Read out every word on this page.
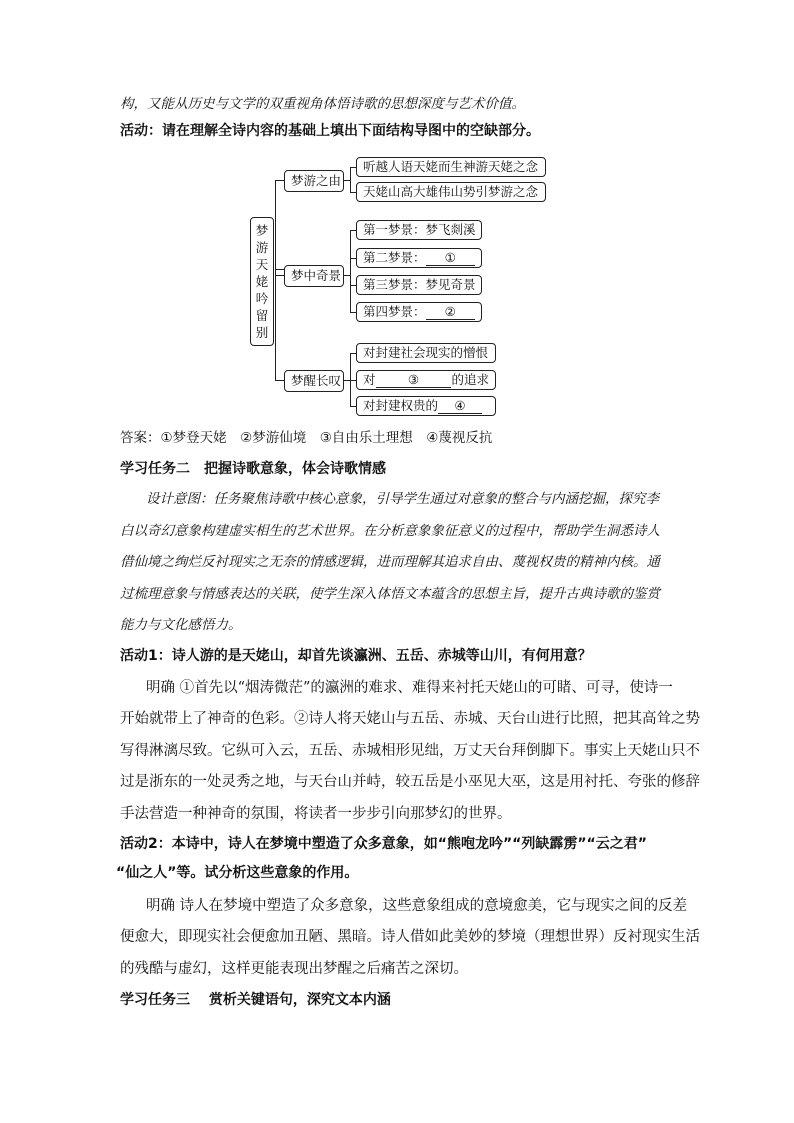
构，又能从历史与文学的双重视角体悟诗歌的思想深度与艺术价值。
活动：请在理解全诗内容的基础上填出下面结构导图中的空缺部分。
梦
游
天
姥
吟
留
别
梦游之由
听越人语天姥而生神游天姥之念
天姥山高大雄伟山势引梦游之念
梦中奇景
第一梦景：梦飞剡溪
第二梦景：	①
第三梦景：梦见奇景
第四梦景：	②
梦醒长叹
对封建社会现实的憎恨
对	③	的追求
对封建权贵的	④
答案：①梦登天姥　②梦游仙境　③自由乐土理想　④蔑视反抗
学习任务二　把握诗歌意象，体会诗歌情感
设计意图：任务聚焦诗歌中核心意象，引导学生通过对意象的整合与内涵挖掘，探究李
白以奇幻意象构建虚实相生的艺术世界。在分析意象象征意义的过程中，帮助学生洞悉诗人
借仙境之绚烂反衬现实之无奈的情感逻辑，进而理解其追求自由、蔑视权贵的精神内核。通
过梳理意象与情感表达的关联，使学生深入体悟文本蕴含的思想主旨，提升古典诗歌的鉴赏
能力与文化感悟力。
活动1：诗人游的是天姥山，却首先谈瀛洲、五岳、赤城等山川，有何用意？
明确 ①首先以“烟涛微茫”的瀛洲的难求、难得来衬托天姥山的可睹、可寻，使诗一
开始就带上了神奇的色彩。②诗人将天姥山与五岳、赤城、天台山进行比照，把其高耸之势
写得淋漓尽致。它纵可入云，五岳、赤城相形见绌，万丈天台拜倒脚下。事实上天姥山只不
过是浙东的一处灵秀之地，与天台山并峙，较五岳是小巫见大巫，这是用衬托、夸张的修辞
手法营造一种神奇的氛围，将读者一步步引向那梦幻的世界。
活动2：本诗中，诗人在梦境中塑造了众多意象，如“熊咆龙吟”“列缺霹雳”“云之君”
“仙之人”等。试分析这些意象的作用。
明确 诗人在梦境中塑造了众多意象，这些意象组成的意境愈美，它与现实之间的反差
便愈大，即现实社会便愈加丑陋、黑暗。诗人借如此美妙的梦境（理想世界）反衬现实生活
的残酷与虚幻，这样更能表现出梦醒之后痛苦之深切。
学习任务三　 赏析关键语句，深究文本内涵
